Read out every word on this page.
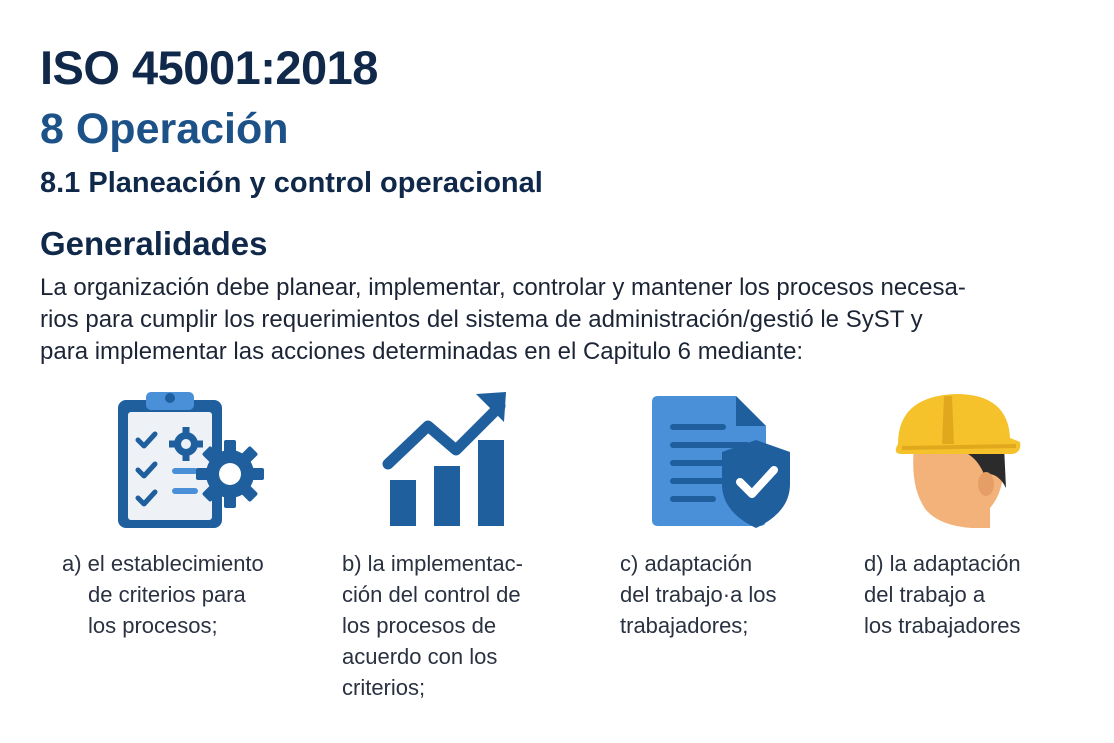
ISO 45001:2018
8 Operación
8.1 Planeación y control operacional
Generalidades
La organización debe planear, implementar, controlar y mantener los procesos necesa-
rios para cumplir los requerimientos del sistema de administración/gestió le SyST y
para implementar las acciones determinadas en el Capitulo 6 mediante:
a) el establecimiento
de criterios para
los procesos;
b) la implementac-
ción del control de
los procesos de
acuerdo con los
criterios;
c) adaptación
del trabajo·a los
trabajadores;
d) la adaptación
del trabajo a
los trabajadores
